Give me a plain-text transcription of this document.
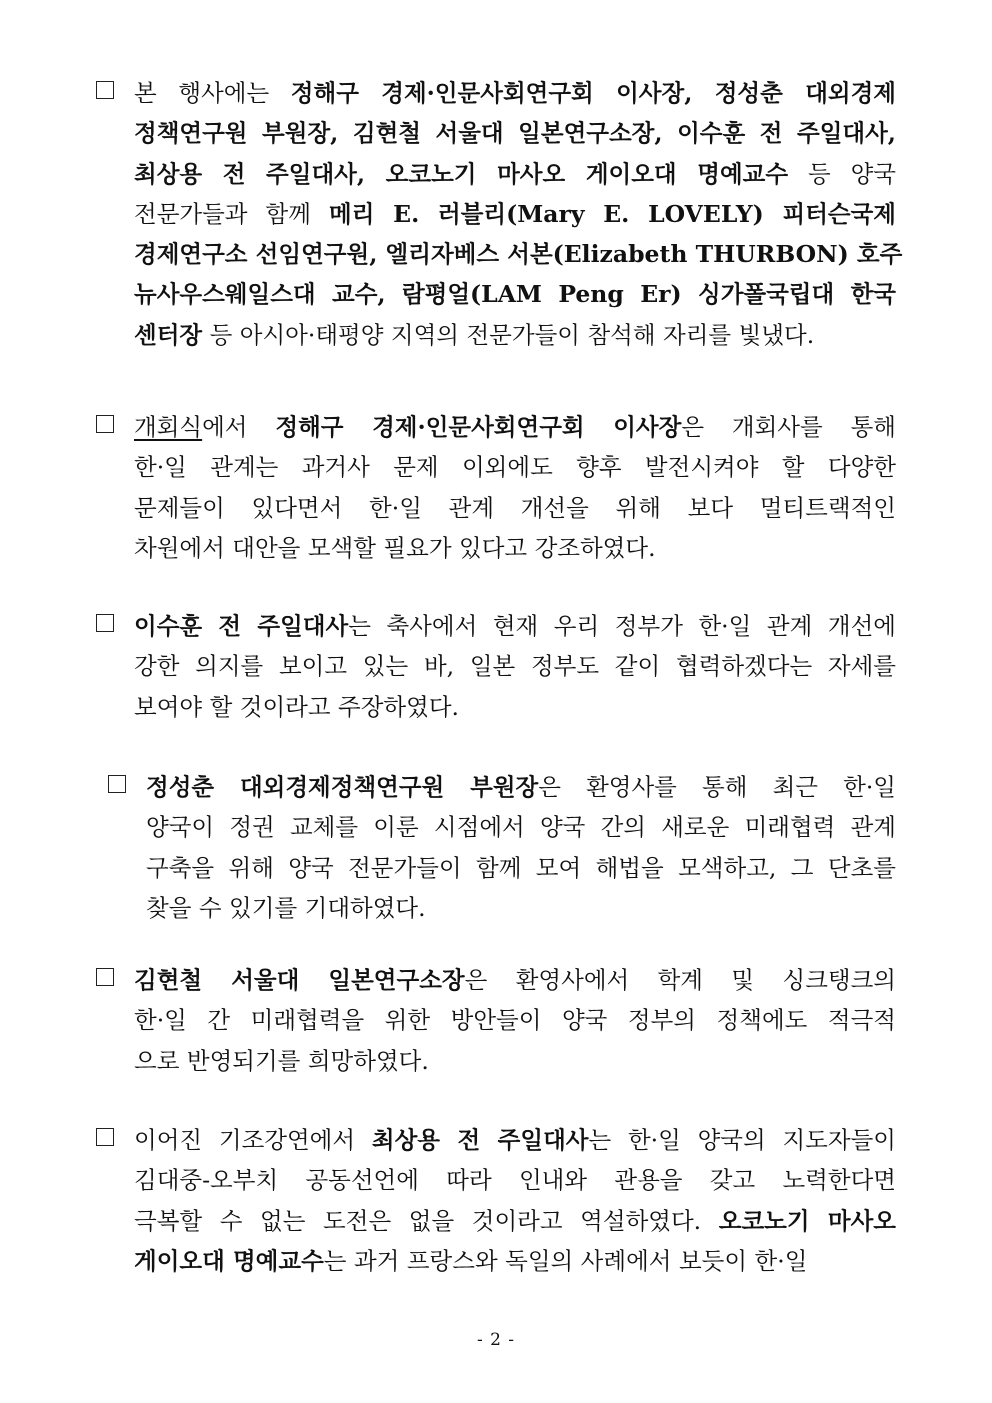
본 행사에는 정해구 경제·인문사회연구회 이사장, 정성춘 대외경제
정책연구원 부원장, 김현철 서울대 일본연구소장, 이수훈 전 주일대사,
최상용 전 주일대사, 오코노기 마사오 게이오대 명예교수 등 양국
전문가들과 함께 메리 E. 러블리(Mary E. LOVELY) 피터슨국제
경제연구소 선임연구원, 엘리자베스 서본(Elizabeth THURBON) 호주
뉴사우스웨일스대 교수, 람평얼(LAM Peng Er) 싱가폴국립대 한국
센터장 등 아시아·태평양 지역의 전문가들이 참석해 자리를 빛냈다.
개회식에서 정해구 경제·인문사회연구회 이사장은 개회사를 통해
한·일 관계는 과거사 문제 이외에도 향후 발전시켜야 할 다양한
문제들이 있다면서 한·일 관계 개선을 위해 보다 멀티트랙적인
차원에서 대안을 모색할 필요가 있다고 강조하였다.
이수훈 전 주일대사는 축사에서 현재 우리 정부가 한·일 관계 개선에
강한 의지를 보이고 있는 바, 일본 정부도 같이 협력하겠다는 자세를
보여야 할 것이라고 주장하였다.
정성춘 대외경제정책연구원 부원장은 환영사를 통해 최근 한·일
양국이 정권 교체를 이룬 시점에서 양국 간의 새로운 미래협력 관계
구축을 위해 양국 전문가들이 함께 모여 해법을 모색하고, 그 단초를
찾을 수 있기를 기대하였다.
김현철 서울대 일본연구소장은 환영사에서 학계 및 싱크탱크의
한·일 간 미래협력을 위한 방안들이 양국 정부의 정책에도 적극적
으로 반영되기를 희망하였다.
이어진 기조강연에서 최상용 전 주일대사는 한·일 양국의 지도자들이
김대중-오부치 공동선언에 따라 인내와 관용을 갖고 노력한다면
극복할 수 없는 도전은 없을 것이라고 역설하였다. 오코노기 마사오
게이오대 명예교수는 과거 프랑스와 독일의 사례에서 보듯이 한·일
- 2 -
